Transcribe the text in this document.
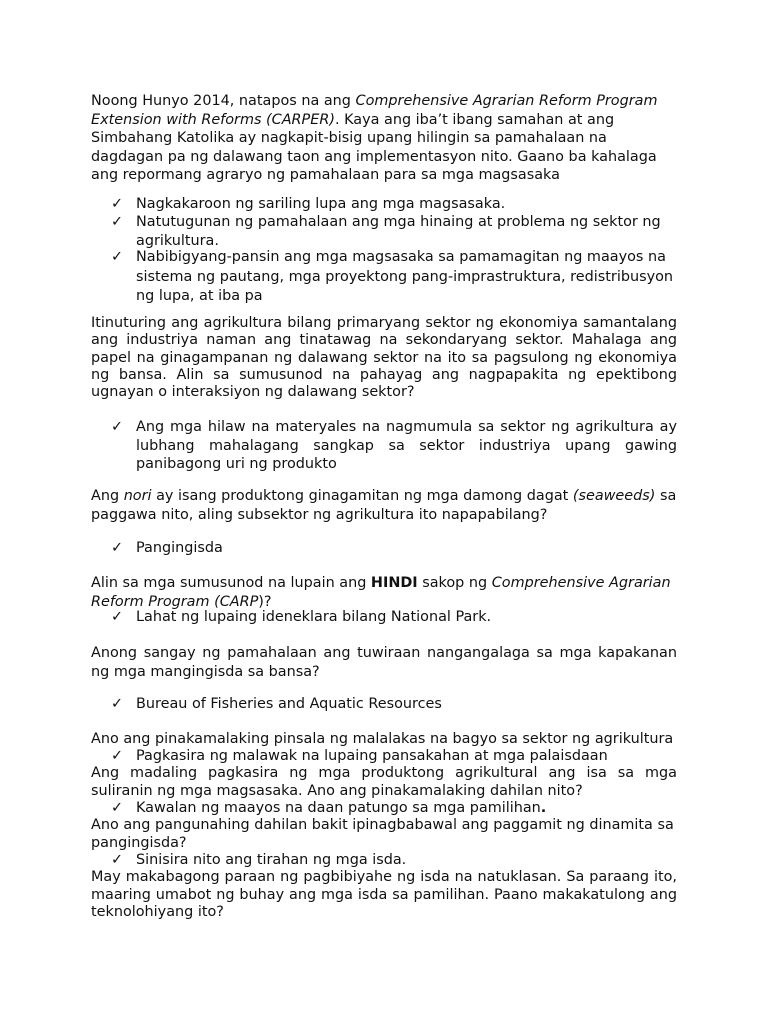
Noong Hunyo 2014, natapos na ang Comprehensive Agrarian Reform Program Extension with Reforms (CARPER). Kaya ang iba’t ibang samahan at ang Simbahang Katolika ay nagkapit-bisig upang hilingin sa pamahalaan na dagdagan pa ng dalawang taon ang implementasyon nito. Gaano ba kahalaga ang repormang agraryo ng pamahalaan para sa mga magsasaka

✓ Nagkakaroon ng sariling lupa ang mga magsasaka.
✓ Natutugunan ng pamahalaan ang mga hinaing at problema ng sektor ng agrikultura.
✓ Nabibigyang-pansin ang mga magsasaka sa pamamagitan ng maayos na sistema ng pautang, mga proyektong pang-imprastruktura, redistribusyon ng lupa, at iba pa

Itinuturing ang agrikultura bilang primaryang sektor ng ekonomiya samantalang ang industriya naman ang tinatawag na sekondaryang sektor. Mahalaga ang papel na ginagampanan ng dalawang sektor na ito sa pagsulong ng ekonomiya ng bansa. Alin sa sumusunod na pahayag ang nagpapakita ng epektibong ugnayan o interaksiyon ng dalawang sektor?

✓ Ang mga hilaw na materyales na nagmumula sa sektor ng agrikultura ay lubhang mahalagang sangkap sa sektor industriya upang gawing panibagong uri ng produkto

Ang nori ay isang produktong ginagamitan ng mga damong dagat (seaweeds) sa paggawa nito, aling subsektor ng agrikultura ito napapabilang?

✓ Pangingisda

Alin sa mga sumusunod na lupain ang HINDI sakop ng Comprehensive Agrarian Reform Program (CARP)?

✓ Lahat ng lupaing ideneklara bilang National Park.

Anong sangay ng pamahalaan ang tuwiraan nangangalaga sa mga kapakanan ng mga mangingisda sa bansa?

✓ Bureau of Fisheries and Aquatic Resources

Ano ang pinakamalaking pinsala ng malalakas na bagyo sa sektor ng agrikultura

✓ Pagkasira ng malawak na lupaing pansakahan at mga palaisdaan

Ang madaling pagkasira ng mga produktong agrikultural ang isa sa mga suliranin ng mga magsasaka. Ano ang pinakamalaking dahilan nito?

✓ Kawalan ng maayos na daan patungo sa mga pamilihan.

Ano ang pangunahing dahilan bakit ipinagbabawal ang paggamit ng dinamita sa pangingisda?

✓ Sinisira nito ang tirahan ng mga isda.

May makabagong paraan ng pagbibiyahe ng isda na natuklasan. Sa paraang ito, maaring umabot ng buhay ang mga isda sa pamilihan. Paano makakatulong ang teknolohiyang ito?
